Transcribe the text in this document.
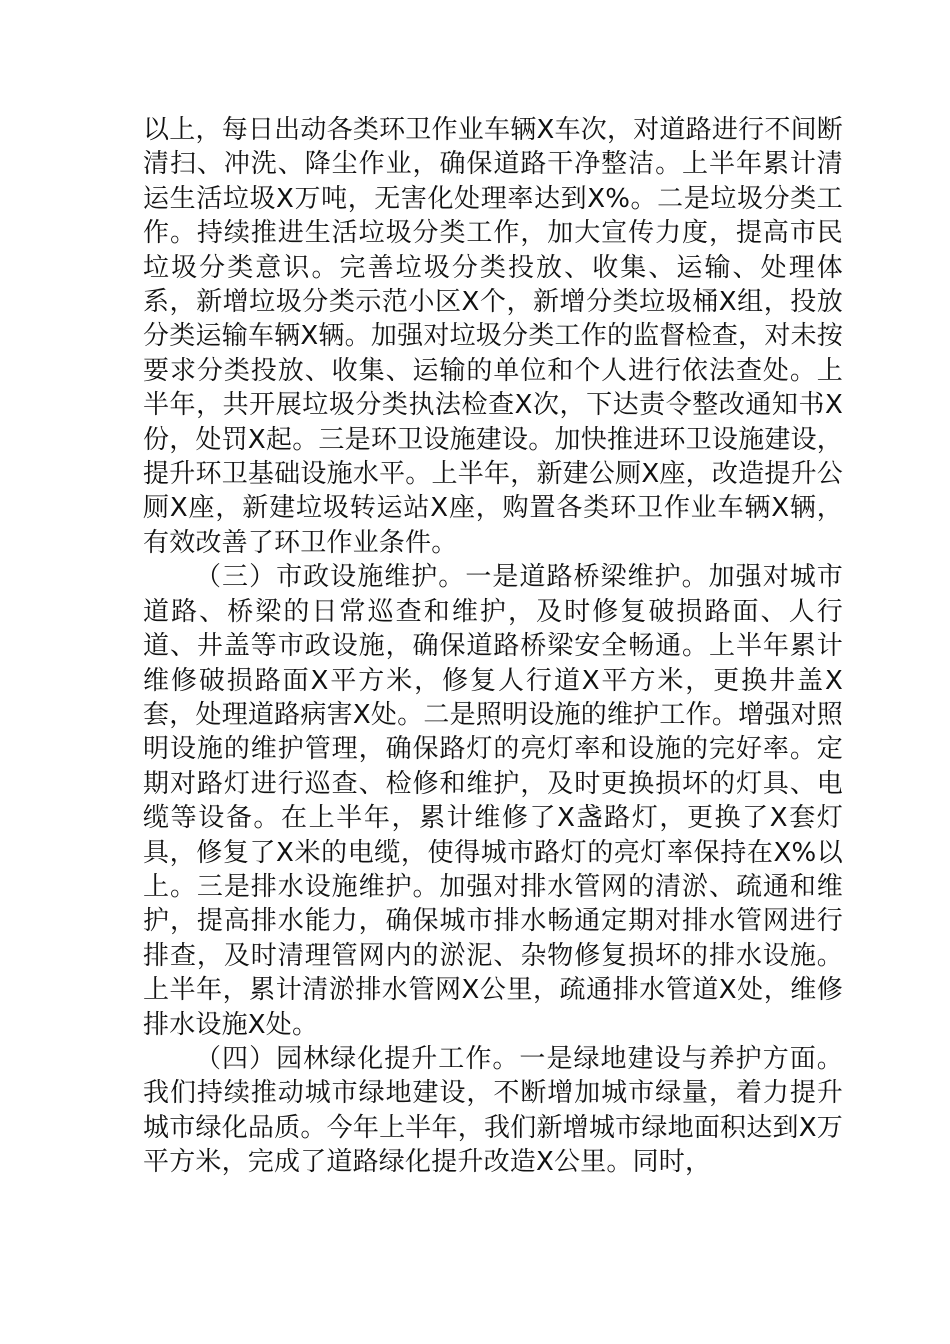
以上，每日出动各类环卫作业车辆X车次，对道路进行不间断清扫、冲洗、降尘作业，确保道路干净整洁。上半年累计清运生活垃圾X万吨，无害化处理率达到X%。二是垃圾分类工作。持续推进生活垃圾分类工作，加大宣传力度，提高市民垃圾分类意识。完善垃圾分类投放、收集、运输、处理体系，新增垃圾分类示范小区X个，新增分类垃圾桶X组，投放分类运输车辆X辆。加强对垃圾分类工作的监督检查，对未按要求分类投放、收集、运输的单位和个人进行依法查处。上半年，共开展垃圾分类执法检查X次，下达责令整改通知书X份，处罚X起。三是环卫设施建设。加快推进环卫设施建设，提升环卫基础设施水平。上半年，新建公厕X座，改造提升公厕X座，新建垃圾转运站X座，购置各类环卫作业车辆X辆，有效改善了环卫作业条件。

（三）市政设施维护。一是道路桥梁维护。加强对城市道路、桥梁的日常巡查和维护，及时修复破损路面、人行道、井盖等市政设施，确保道路桥梁安全畅通。上半年累计维修破损路面X平方米，修复人行道X平方米，更换井盖X套，处理道路病害X处。二是照明设施的维护工作。增强对照明设施的维护管理，确保路灯的亮灯率和设施的完好率。定期对路灯进行巡查、检修和维护，及时更换损坏的灯具、电缆等设备。在上半年，累计维修了X盏路灯，更换了X套灯具，修复了X米的电缆，使得城市路灯的亮灯率保持在X%以上。三是排水设施维护。加强对排水管网的清淤、疏通和维护，提高排水能力，确保城市排水畅通定期对排水管网进行排查，及时清理管网内的淤泥、杂物修复损坏的排水设施。上半年，累计清淤排水管网X公里，疏通排水管道X处，维修排水设施X处。

（四）园林绿化提升工作。一是绿地建设与养护方面。我们持续推动城市绿地建设，不断增加城市绿量，着力提升城市绿化品质。今年上半年，我们新增城市绿地面积达到X万平方米，完成了道路绿化提升改造X公里。同时，
